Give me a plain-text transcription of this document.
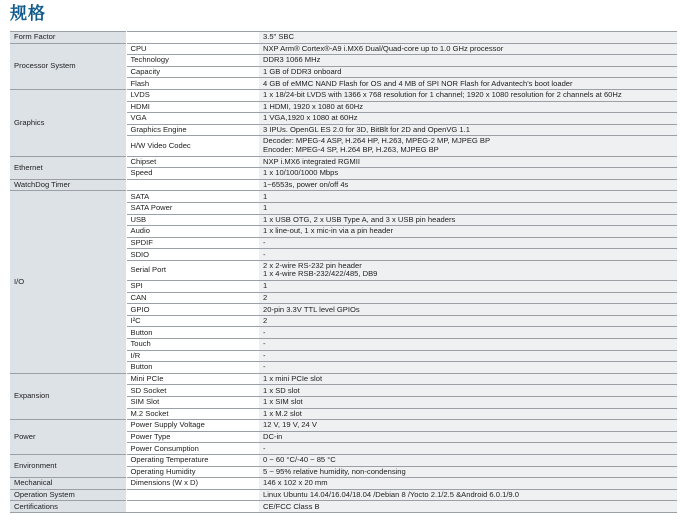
规格
Form Factor		3.5" SBC
Processor System	CPU	NXP Arm® Cortex®-A9 i.MX6 Dual/Quad-core up to 1.0 GHz processor
	Technology	DDR3 1066 MHz
	Capacity	1 GB of DDR3 onboard
	Flash	4 GB of eMMC NAND Flash for OS and 4 MB of SPI NOR Flash for Advantech's boot loader
Graphics	LVDS	1 x 18/24-bit LVDS with 1366 x 768 resolution for 1 channel; 1920 x 1080 resolution for 2 channels at 60Hz
	HDMI	1 HDMI, 1920 x 1080 at 60Hz
	VGA	1 VGA,1920 x 1080 at 60Hz
	Graphics Engine	3 IPUs. OpenGL ES 2.0 for 3D, BitBlt for 2D and OpenVG 1.1
	H/W Video Codec	Decoder: MPEG-4 ASP, H.264 HP, H.263, MPEG-2 MP, MJPEG BP
Encoder: MPEG-4 SP, H.264 BP, H.263, MJPEG BP

Ethernet	Chipset	NXP i.MX6 integrated RGMII
	Speed	1 x 10/100/1000 Mbps
WatchDog Timer		1~6553s, power on/off 4s
I/O	SATA	1
	SATA Power	1
	USB	1 x USB OTG, 2 x USB Type A, and 3 x USB pin headers
	Audio	1 x line-out, 1 x mic-in via a pin header
	SPDIF	-
	SDIO	-
	Serial Port	2 x 2-wire RS-232 pin header
1 x 4-wire RSB-232/422/485, DB9

	SPI	1
	CAN	2
	GPIO	20-pin 3.3V TTL level GPIOs
	I²C	2
	Button	-
	Touch	-
	I/R	-
	Button	-
Expansion	Mini PCIe	1 x mini PCIe slot
	SD Socket	1 x SD slot
	SIM Slot	1 x SIM slot
	M.2 Socket	1 x M.2 slot
Power	Power Supply Voltage	12 V, 19 V, 24 V
	Power Type	DC-in
	Power Consumption	-
Environment	Operating Temperature	0 ~ 60 °C/-40 ~ 85 °C
	Operating Humidity	5 ~ 95% relative humidity, non-condensing
Mechanical	Dimensions (W x D)	146 x 102 x 20 mm
Operation System		Linux Ubuntu 14.04/16.04/18.04 /Debian 8 /Yocto 2.1/2.5 &Android 6.0.1/9.0
Certifications		CE/FCC Class B
